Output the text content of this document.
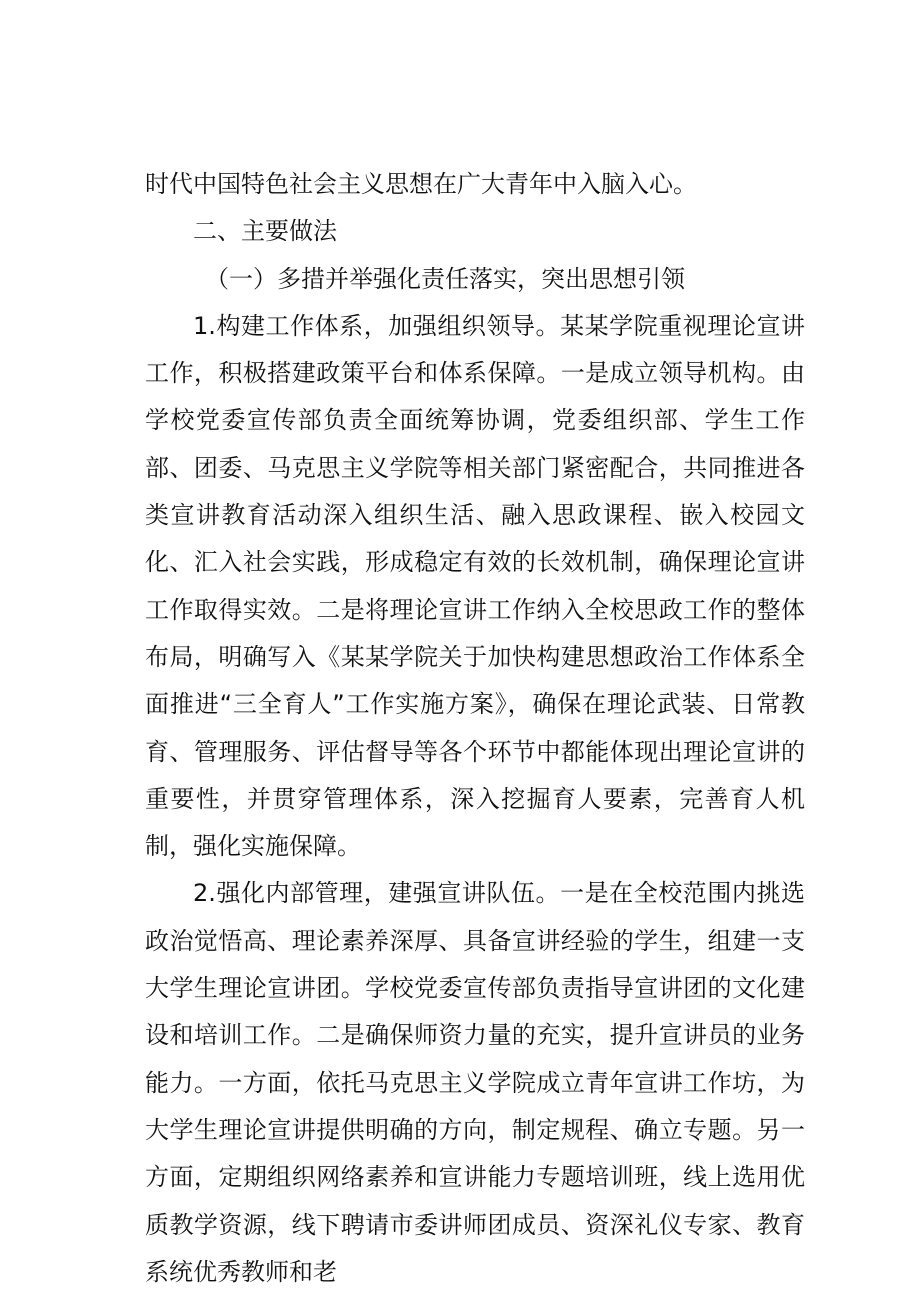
时代中国特色社会主义思想在广大青年中入脑入心。

二、主要做法

（一）多措并举强化责任落实，突出思想引领

1.构建工作体系，加强组织领导。某某学院重视理论宣讲工作，积极搭建政策平台和体系保障。一是成立领导机构。由学校党委宣传部负责全面统筹协调，党委组织部、学生工作部、团委、马克思主义学院等相关部门紧密配合，共同推进各类宣讲教育活动深入组织生活、融入思政课程、嵌入校园文化、汇入社会实践，形成稳定有效的长效机制，确保理论宣讲工作取得实效。二是将理论宣讲工作纳入全校思政工作的整体布局，明确写入《某某学院关于加快构建思想政治工作体系全面推进“三全育人”工作实施方案》，确保在理论武装、日常教育、管理服务、评估督导等各个环节中都能体现出理论宣讲的重要性，并贯穿管理体系，深入挖掘育人要素，完善育人机制，强化实施保障。

2.强化内部管理，建强宣讲队伍。一是在全校范围内挑选政治觉悟高、理论素养深厚、具备宣讲经验的学生，组建一支大学生理论宣讲团。学校党委宣传部负责指导宣讲团的文化建设和培训工作。二是确保师资力量的充实，提升宣讲员的业务能力。一方面，依托马克思主义学院成立青年宣讲工作坊，为大学生理论宣讲提供明确的方向，制定规程、确立专题。另一方面，定期组织网络素养和宣讲能力专题培训班，线上选用优质教学资源，线下聘请市委讲师团成员、资深礼仪专家、教育系统优秀教师和老
